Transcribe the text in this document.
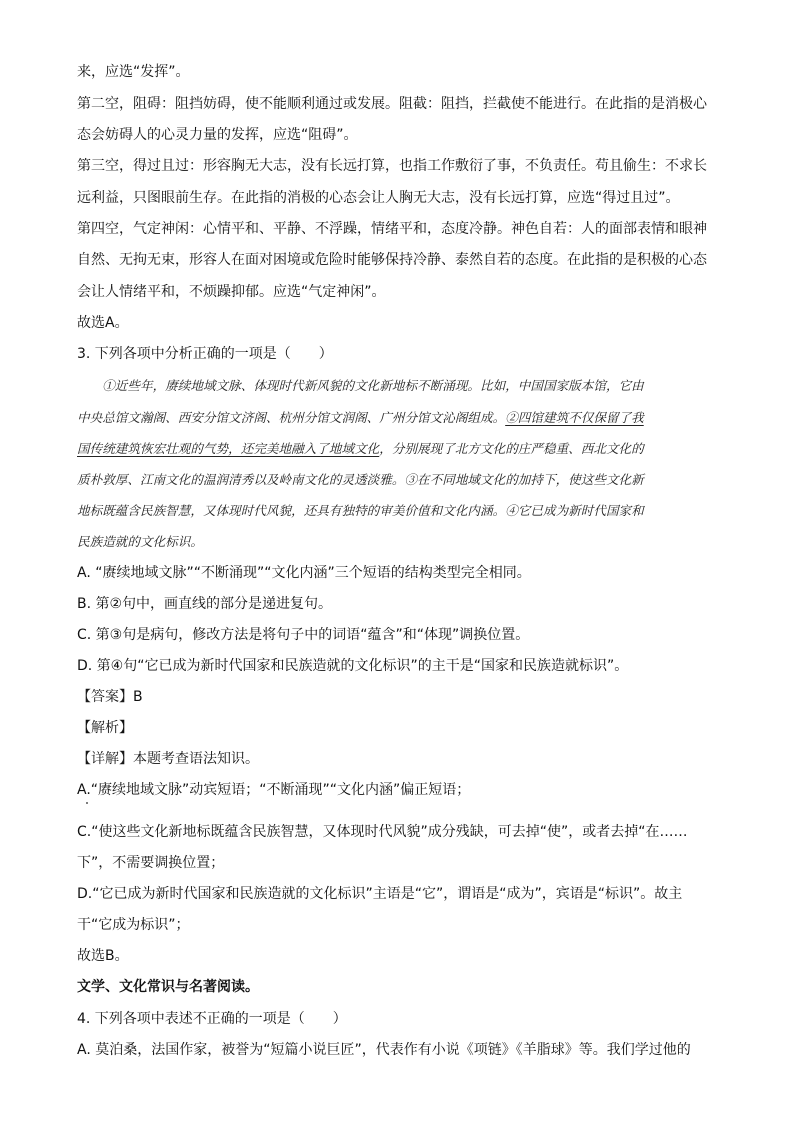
来，应选“发挥”。
第二空，阻碍：阻挡妨碍，使不能顺利通过或发展。阻截：阻挡，拦截使不能进行。在此指的是消极心
态会妨碍人的心灵力量的发挥，应选“阻碍”。
第三空，得过且过：形容胸无大志，没有长远打算，也指工作敷衍了事，不负责任。苟且偷生：不求长
远利益，只图眼前生存。在此指的消极的心态会让人胸无大志，没有长远打算，应选“得过且过”。
第四空，气定神闲：心情平和、平静、不浮躁，情绪平和，态度冷静。神色自若：人的面部表情和眼神
自然、无拘无束，形容人在面对困境或危险时能够保持冷静、泰然自若的态度。在此指的是积极的心态
会让人情绪平和，不烦躁抑郁。应选“气定神闲”。
故选A。
3. 下列各项中分析正确的一项是（　　）
　　①近些年，赓续地域文脉、体现时代新风貌的文化新地标不断涌现。比如，中国国家版本馆，它由
中央总馆文瀚阁、西安分馆文济阁、杭州分馆文润阁、广州分馆文沁阁组成。②四馆建筑不仅保留了我
国传统建筑恢宏壮观的气势，还完美地融入了地域文化，分别展现了北方文化的庄严稳重、西北文化的
质朴敦厚、江南文化的温润清秀以及岭南文化的灵透淡雅。③在不同地域文化的加持下，使这些文化新
地标既蕴含民族智慧，又体现时代风貌，还具有独特的审美价值和文化内涵。④它已成为新时代国家和
民族造就的文化标识。
A. “赓续地域文脉”“不断涌现”“文化内涵”三个短语的结构类型完全相同。
B. 第②句中，画直线的部分是递进复句。
C. 第③句是病句，修改方法是将句子中的词语“蕴含”和“体现”调换位置。
D. 第④句“它已成为新时代国家和民族造就的文化标识”的主干是“国家和民族造就标识”。
【答案】B
【解析】
【详解】本题考查语法知识。
A.“赓续地域文脉”动宾短语；“不断涌现”“文化内涵”偏正短语；
C.“使这些文化新地标既蕴含民族智慧，又体现时代风貌”成分残缺，可去掉“使”，或者去掉“在……
下”，不需要调换位置；
D.“它已成为新时代国家和民族造就的文化标识”主语是“它”，谓语是“成为”，宾语是“标识”。故主
干“它成为标识”；
故选B。
文学、文化常识与名著阅读。
4. 下列各项中表述不正确的一项是（　　）
A. 莫泊桑，法国作家，被誉为“短篇小说巨匠”，代表作有小说《项链》《羊脂球》等。我们学过他的
